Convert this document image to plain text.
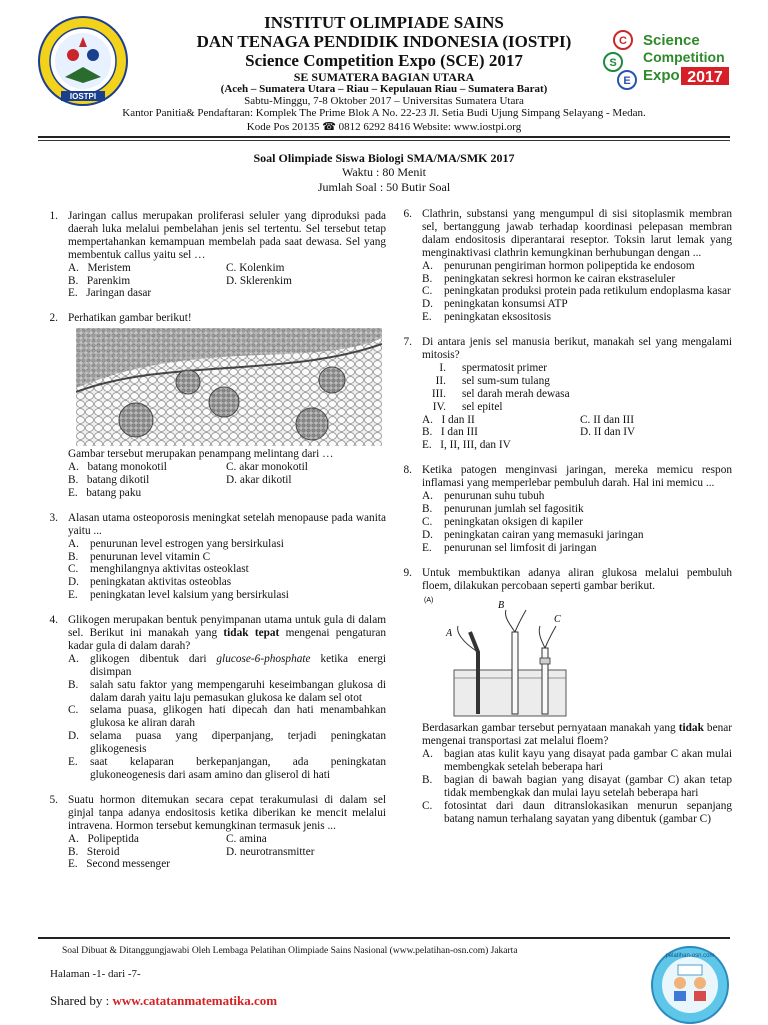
IOSTPI
C
S
E
Science
Competition
Expo 2017
INSTITUT OLIMPIADE SAINS
DAN TENAGA PENDIDIK INDONESIA (IOSTPI)
Science Competition Expo (SCE) 2017
SE SUMATERA BAGIAN UTARA
(Aceh – Sumatera Utara – Riau – Kepulauan Riau – Sumatera Barat)
Sabtu-Minggu, 7-8 Oktober 2017 – Universitas Sumatera Utara
Kantor Panitia& Pendaftaran: Komplek The Prime Blok A No. 22-23 Jl. Setia Budi Ujung Simpang Selayang - Medan.
Kode Pos 20135 ☎ 0812 6292 8416 Website: www.iostpi.org
Soal Olimpiade Siswa Biologi SMA/MA/SMK 2017
Waktu : 80 Menit
Jumlah Soal : 50 Butir Soal
1. Jaringan callus merupakan proliferasi seluler yang diproduksi pada daerah luka melalui pembelahan jenis sel tertentu. Sel tersebut tetap mempertahankan kemampuan membelah pada saat dewasa. Sel yang membentuk callus yaitu sel …
A. Meristem	C. Kolenkim
B. Parenkim	D. Sklerenkim
E. Jaringan dasar
2. Perhatikan gambar berikut!
Gambar tersebut merupakan penampang melintang dari …
A. batang monokotil	C. akar monokotil
B. batang dikotil	D. akar dikotil
E. batang paku
3. Alasan utama osteoporosis meningkat setelah menopause pada wanita yaitu ...
A. penurunan level estrogen yang bersirkulasi
B.	penurunan level vitamin C
C.	menghilangnya aktivitas osteoklast
D. peningkatan aktivitas osteoblas
E.	peningkatan level kalsium yang bersirkulasi
4. Glikogen merupakan bentuk penyimpanan utama untuk gula di dalam sel. Berikut ini manakah yang tidak tepat mengenai pengaturan kadar gula di dalam darah?
A. glikogen dibentuk dari glucose-6-phosphate ketika energi disimpan
B.	salah satu faktor yang mempengaruhi keseimbangan glukosa di dalam darah yaitu laju pemasukan glukosa ke dalam sel otot
C.	selama puasa, glikogen hati dipecah dan hati menambahkan glukosa ke aliran darah
D. selama puasa yang diperpanjang, terjadi peningkatan glikogenesis
E.	saat kelaparan berkepanjangan, ada peningkatan glukoneogenesis dari asam amino dan gliserol di hati
5. Suatu hormon ditemukan secara cepat terakumulasi di dalam sel ginjal tanpa adanya endositosis ketika diberikan ke mencit melalui intravena. Hormon tersebut kemungkinan termasuk jenis ...
A. Polipeptida	C. amina
B. Steroid	D. neurotransmitter
E. Second messenger
6. Clathrin, substansi yang mengumpul di sisi sitoplasmik membran sel, bertanggung jawab terhadap koordinasi pelepasan membran dalam endositosis diperantarai reseptor. Toksin larut lemak yang menginaktivasi clathrin kemungkinan berhubungan dengan ...
A. penurunan pengiriman hormon polipeptida ke endosom
B.	peningkatan sekresi hormon ke cairan ekstraseluler
C.	peningkatan produksi protein pada retikulum endoplasma kasar
D. peningkatan konsumsi ATP
E.	peningkatan eksositosis
7. Di antara jenis sel manusia berikut, manakah sel yang mengalami mitosis?
I. spermatosit primer
II. sel sum-sum tulang
III. sel darah merah dewasa
IV. sel epitel
A. I dan II	C. II dan III
B. I dan III	D. II dan IV
E. I, II, III, dan IV
8. Ketika patogen menginvasi jaringan, mereka memicu respon inflamasi yang memperlebar pembuluh darah. Hal ini memicu ...
A. penurunan suhu tubuh
B.	penurunan jumlah sel fagositik
C.	peningkatan oksigen di kapiler
D. peningkatan cairan yang memasuki jaringan
E.	penurunan sel limfosit di jaringan
9. Untuk membuktikan adanya aliran glukosa melalui pembuluh floem, dilakukan percobaan seperti gambar berikut.
(A)
A
B
C
Berdasarkan gambar tersebut pernyataan manakah yang tidak benar mengenai transportasi zat melalui floem?
A. bagian atas kulit kayu yang disayat pada gambar C akan mulai membengkak setelah beberapa hari
B.	bagian di bawah bagian yang disayat (gambar C) akan tetap tidak membengkak dan mulai layu setelah beberapa hari
C.	fotosintat dari daun ditranslokasikan menurun sepanjang batang namun terhalang sayatan yang dibentuk (gambar C)
Soal Dibuat & Ditanggungjawabi Oleh Lembaga Pelatihan Olimpiade Sains Nasional (www.pelatihan-osn.com) Jakarta
Halaman -1- dari -7-
Shared by : www.catatanmatematika.com
pelatihan-osn.com
